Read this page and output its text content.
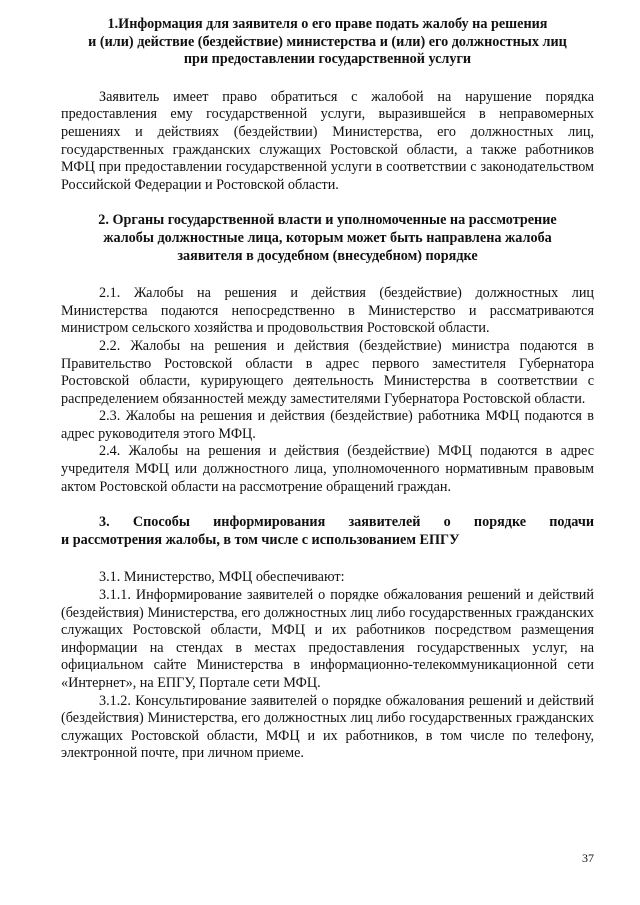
1.Информация для заявителя о его праве подать жалобу на решения
и (или) действие (бездействие) министерства и (или) его должностных лиц
при предоставлении государственной услуги

Заявитель имеет право обратиться с жалобой на нарушение порядка предоставления ему государственной услуги, выразившейся в неправомерных решениях и действиях (бездействии) Министерства, его должностных лиц, государственных гражданских служащих Ростовской области, а также работников МФЦ при предоставлении государственной услуги в соответствии с законодательством Российской Федерации и Ростовской области.

2. Органы государственной власти и уполномоченные на рассмотрение
жалобы должностные лица, которым может быть направлена жалоба
заявителя в досудебном (внесудебном) порядке

2.1. Жалобы на решения и действия (бездействие) должностных лиц Министерства подаются непосредственно в Министерство и рассматриваются министром сельского хозяйства и продовольствия Ростовской области.

2.2. Жалобы на решения и действия (бездействие) министра подаются в Правительство Ростовской области в адрес первого заместителя Губернатора Ростовской области, курирующего деятельность Министерства в соответствии с распределением обязанностей между заместителями Губернатора Ростовской области.

2.3. Жалобы на решения и действия (бездействие) работника МФЦ подаются в адрес руководителя этого МФЦ.

2.4. Жалобы на решения и действия (бездействие) МФЦ подаются в адрес учредителя МФЦ или должностного лица, уполномоченного нормативным правовым актом Ростовской области на рассмотрение обращений граждан.

3. Способы информирования заявителей о порядке подачи
и рассмотрения жалобы, в том числе с использованием ЕПГУ

3.1. Министерство, МФЦ обеспечивают:

3.1.1. Информирование заявителей о порядке обжалования решений и действий (бездействия) Министерства, его должностных лиц либо государственных гражданских служащих Ростовской области, МФЦ и их работников посредством размещения информации на стендах в местах предоставления государственных услуг, на официальном сайте Министерства в информационно-телекоммуникационной сети «Интернет», на ЕПГУ, Портале сети МФЦ.

3.1.2. Консультирование заявителей о порядке обжалования решений и действий (бездействия) Министерства, его должностных лиц либо государственных гражданских служащих Ростовской области, МФЦ и их работников, в том числе по телефону, электронной почте, при личном приеме.

37
